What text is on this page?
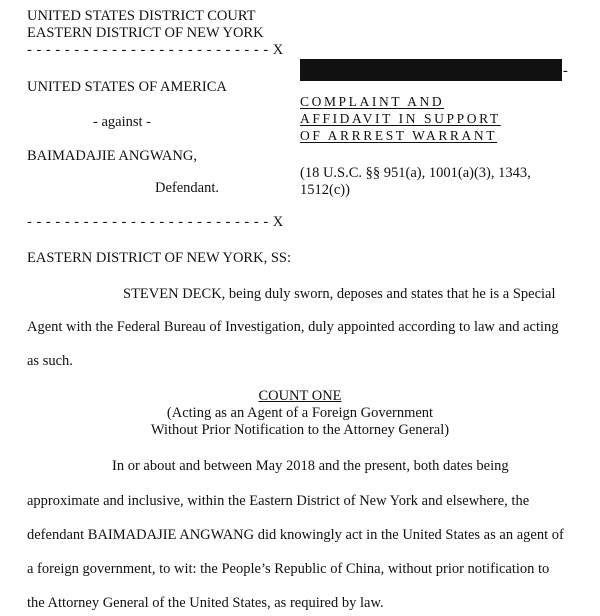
UNITED STATES DISTRICT COURT
EASTERN DISTRICT OF NEW YORK
- - - - - - - - - - - - - - - - - - - - - - - - - - X
UNITED STATES OF AMERICA
- against -
BAIMADAJIE ANGWANG,
Defendant.
- - - - - - - - - - - - - - - - - - - - - - - - - - X
-
COMPLAINT AND
AFFIDAVIT IN SUPPORT
OF ARRREST WARRANT
(18 U.S.C. §§ 951(a), 1001(a)(3), 1343,
1512(c))
EASTERN DISTRICT OF NEW YORK, SS:
STEVEN DECK, being duly sworn, deposes and states that he is a Special
Agent with the Federal Bureau of Investigation, duly appointed according to law and acting
as such.
COUNT ONE
(Acting as an Agent of a Foreign Government
Without Prior Notification to the Attorney General)
In or about and between May 2018 and the present, both dates being
approximate and inclusive, within the Eastern District of New York and elsewhere, the
defendant BAIMADAJIE ANGWANG did knowingly act in the United States as an agent of
a foreign government, to wit: the People’s Republic of China, without prior notification to
the Attorney General of the United States, as required by law.
